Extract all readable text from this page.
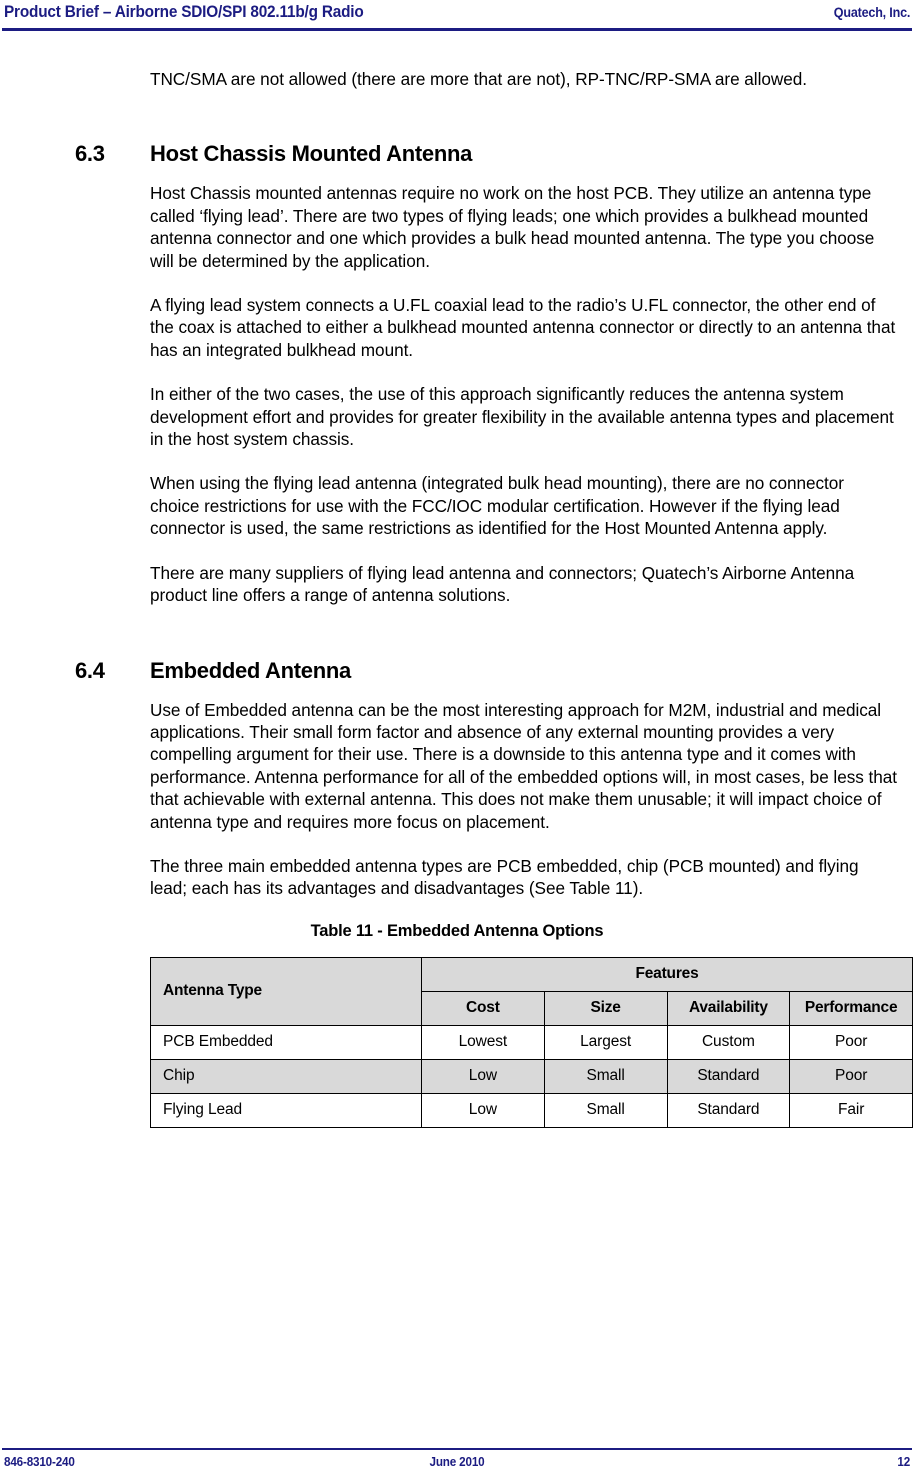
Product Brief – Airborne SDIO/SPI 802.11b/g Radio	Quatech, Inc.

TNC/SMA are not allowed (there are more that are not), RP-TNC/RP-SMA are allowed.

6.3 Host Chassis Mounted Antenna

Host Chassis mounted antennas require no work on the host PCB. They utilize an antenna type called ‘flying lead’. There are two types of flying leads; one which provides a bulkhead mounted antenna connector and one which provides a bulk head mounted antenna. The type you choose will be determined by the application.

A flying lead system connects a U.FL coaxial lead to the radio’s U.FL connector, the other end of the coax is attached to either a bulkhead mounted antenna connector or directly to an antenna that has an integrated bulkhead mount.

In either of the two cases, the use of this approach significantly reduces the antenna system development effort and provides for greater flexibility in the available antenna types and placement in the host system chassis.

When using the flying lead antenna (integrated bulk head mounting), there are no connector choice restrictions for use with the FCC/IOC modular certification. However if the flying lead connector is used, the same restrictions as identified for the Host Mounted Antenna apply.

There are many suppliers of flying lead antenna and connectors; Quatech’s Airborne Antenna product line offers a range of antenna solutions.

6.4 Embedded Antenna

Use of Embedded antenna can be the most interesting approach for M2M, industrial and medical applications. Their small form factor and absence of any external mounting provides a very compelling argument for their use. There is a downside to this antenna type and it comes with performance. Antenna performance for all of the embedded options will, in most cases, be less that that achievable with external antenna. This does not make them unusable; it will impact choice of antenna type and requires more focus on placement.

The three main embedded antenna types are PCB embedded, chip (PCB mounted) and flying lead; each has its advantages and disadvantages (See Table 11).

Table 11 - Embedded Antenna Options
Antenna Type	Features			
	Cost	Size	Availability	Performance
PCB Embedded	Lowest	Largest	Custom	Poor
Chip	Low	Small	Standard	Poor
Flying Lead	Low	Small	Standard	Fair
846-8310-240	June 2010	12
